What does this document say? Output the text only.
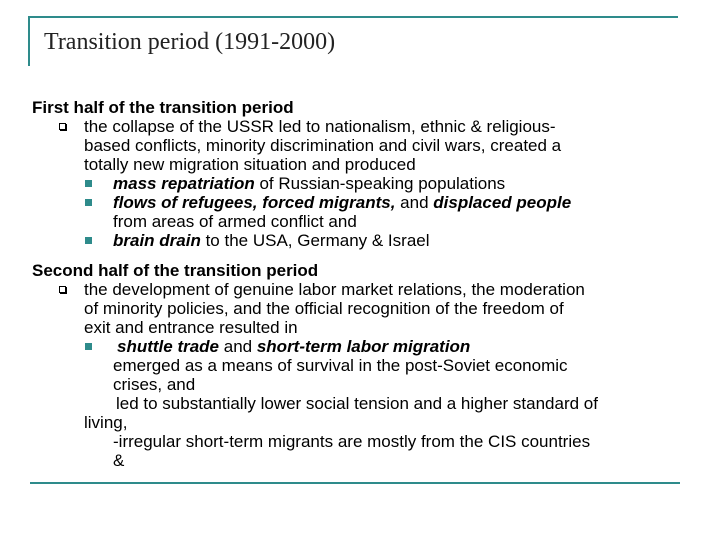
Transition period (1991-2000)
First half of the transition period
the collapse of the USSR led to nationalism, ethnic & religious-
based conflicts, minority discrimination and civil wars, created a
totally new migration situation and produced
mass repatriation of Russian-speaking populations
flows of refugees, forced migrants, and displaced people
from areas of armed conflict and
brain drain to the USA, Germany & Israel
Second half of the transition period
the development of genuine labor market relations, the moderation
of minority policies, and the official recognition of the freedom of
exit and entrance resulted in
shuttle trade and short-term labor migration
emerged as a means of survival in the post-Soviet economic
crises, and
led to substantially lower social tension and a higher standard of
living,
-irregular short-term migrants are mostly from the CIS countries
&
